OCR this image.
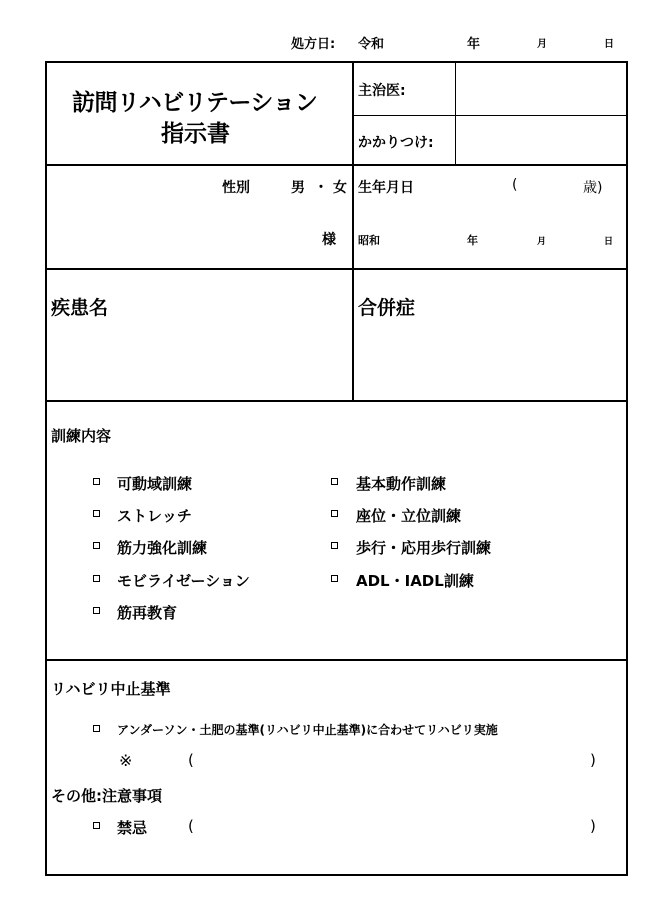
処方日: 令和	年	月	日
訪問リハビリテーション
指示書
主治医:
かかりつけ:
性別	男 ・ 女
様
生年月日	(	歳)
昭和	年	月	日
疾患名	合併症
訓練内容
可動域訓練
ストレッチ
筋力強化訓練
モビライゼーション
筋再教育
基本動作訓練
座位・立位訓練
歩行・応用歩行訓練
ADL・IADL訓練
リハビリ中止基準
アンダーソン・土肥の基準(リハビリ中止基準)に合わせてリハビリ実施
※	(	)
その他:注意事項
禁忌	(	)
